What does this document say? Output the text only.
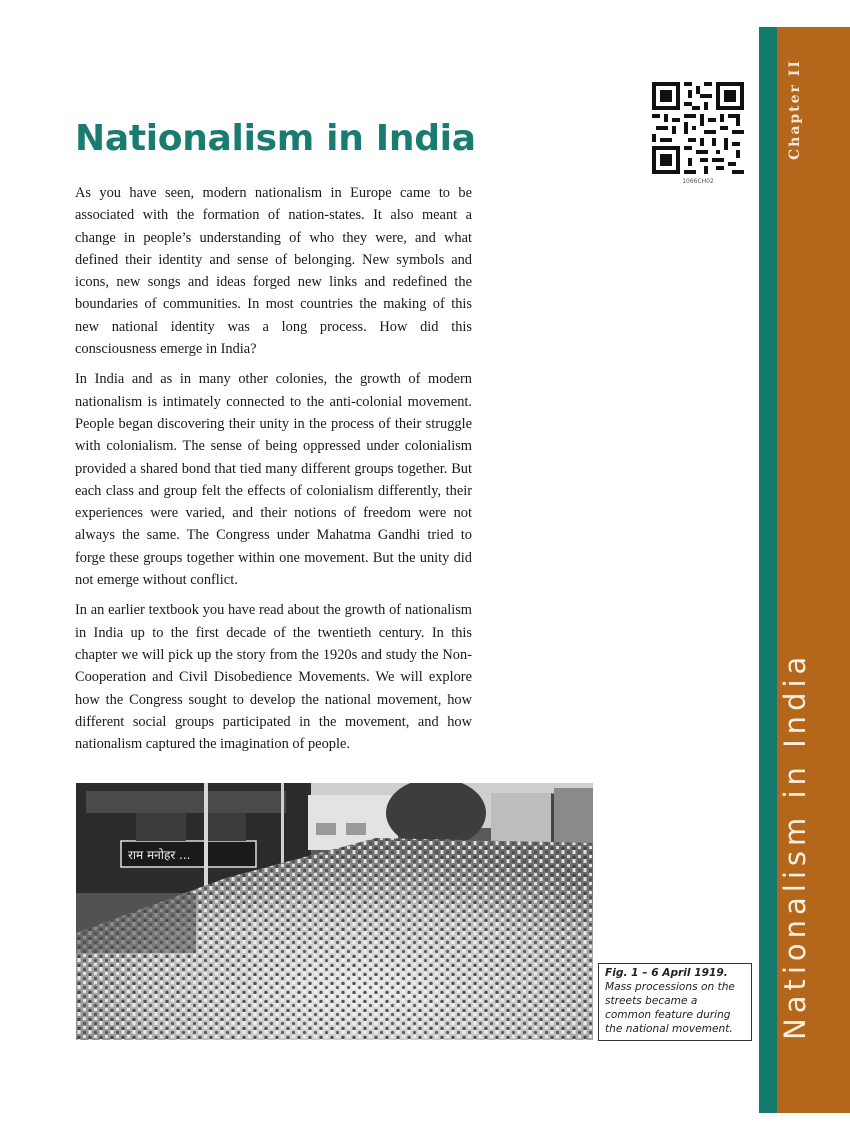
Nationalism in India

As you have seen, modern nationalism in Europe came to be associated with the formation of nation-states. It also meant a change in people’s understanding of who they were, and what defined their identity and sense of belonging. New symbols and icons, new songs and ideas forged new links and redefined the boundaries of communities. In most countries the making of this new national identity was a long process. How did this consciousness emerge in India?

In India and as in many other colonies, the growth of modern nationalism is intimately connected to the anti-colonial movement. People began discovering their unity in the process of their struggle with colonialism. The sense of being oppressed under colonialism provided a shared bond that tied many different groups together. But each class and group felt the effects of colonialism differently, their experiences were varied, and their notions of freedom were not always the same. The Congress under Mahatma Gandhi tried to forge these groups together within one movement. But the unity did not emerge without conflict.

In an earlier textbook you have read about the growth of nationalism in India up to the first decade of the twentieth century. In this chapter we will pick up the story from the 1920s and study the Non-Cooperation and Civil Disobedience Movements. We will explore how the Congress sought to develop the national movement, how different social groups participated in the movement, and how nationalism captured the imagination of people.

1066CH02
Chapter II
Nationalism in India
राम मनोहर ...
Fig. 1 – 6 April 1919. Mass processions on the streets became a common feature during the national movement.
